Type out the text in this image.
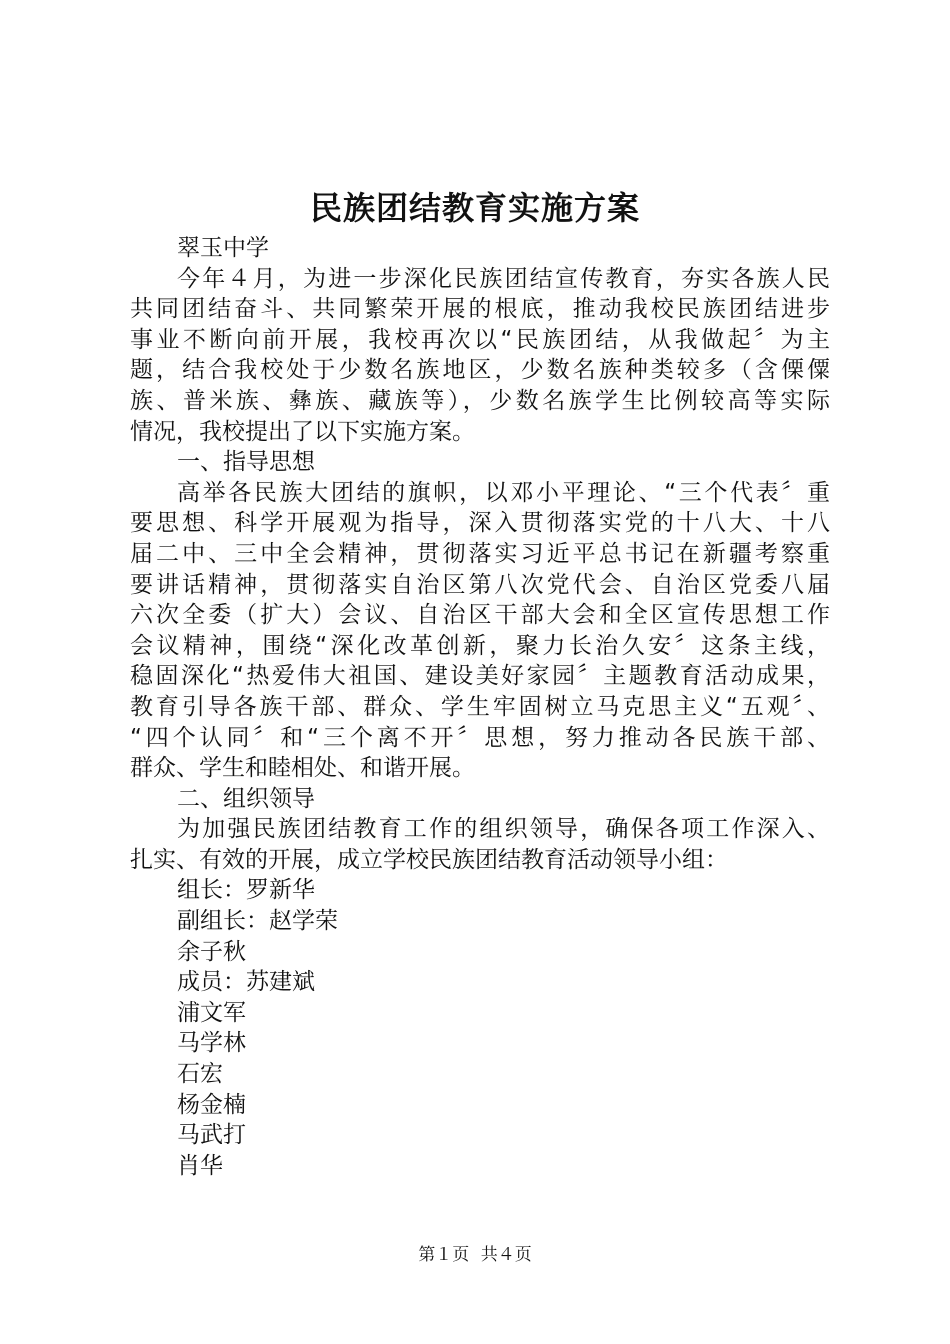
民族团结教育实施方案
翠玉中学
今年４月，为进一步深化民族团结宣传教育，夯实各族人民
共同团结奋斗、共同繁荣开展的根底，推动我校民族团结进步
事业不断向前开展，我校再次以“民族团结，从我做起〞为主
题，结合我校处于少数名族地区，少数名族种类较多（含傈僳
族、普米族、彝族、藏族等），少数名族学生比例较高等实际
情况，我校提出了以下实施方案。
一、指导思想
高举各民族大团结的旗帜，以邓小平理论、“三个代表〞重
要思想、科学开展观为指导，深入贯彻落实党的十八大、十八
届二中、三中全会精神，贯彻落实习近平总书记在新疆考察重
要讲话精神，贯彻落实自治区第八次党代会、自治区党委八届
六次全委（扩大）会议、自治区干部大会和全区宣传思想工作
会议精神，围绕“深化改革创新，聚力长治久安〞这条主线，
稳固深化“热爱伟大祖国、建设美好家园〞主题教育活动成果，
教育引导各族干部、群众、学生牢固树立马克思主义“五观〞、
“四个认同〞和“三个离不开〞思想，努力推动各民族干部、
群众、学生和睦相处、和谐开展。
二、组织领导
为加强民族团结教育工作的组织领导，确保各项工作深入、
扎实、有效的开展，成立学校民族团结教育活动领导小组：
组长：罗新华
副组长：赵学荣
余子秋
成员：苏建斌
浦文军
马学林
石宏
杨金楠
马武打
肖华
第１页 共４页
